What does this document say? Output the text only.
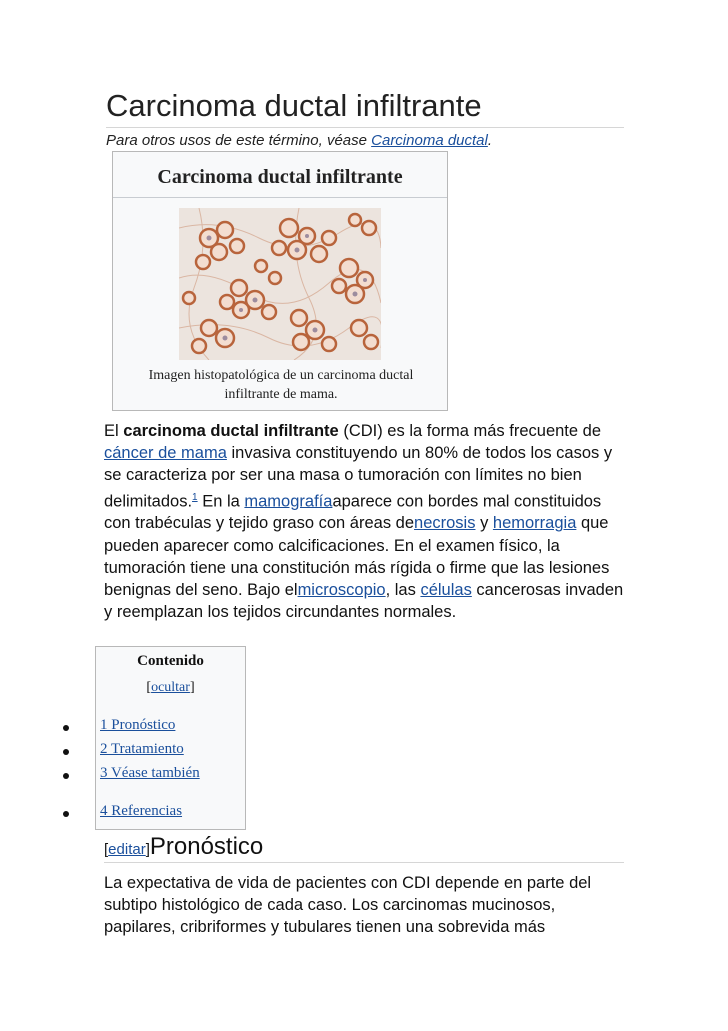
Carcinoma ductal infiltrante
Para otros usos de este término, véase Carcinoma ductal.
Carcinoma ductal infiltrante
Imagen histopatológica de un carcinoma ductal infiltrante de mama.
El carcinoma ductal infiltrante (CDI) es la forma más frecuente de cáncer de mama invasiva constituyendo un 80% de todos los casos y se caracteriza por ser una masa o tumoración con límites no bien delimitados.$^1$ En la mamografíaaparece con bordes mal constituidos con trabéculas y tejido graso con áreas denecrosis y hemorragia que pueden aparecer como calcificaciones. En el examen físico, la tumoración tiene una constitución más rígida o firme que las lesiones benignas del seno. Bajo elmicroscopio, las células cancerosas invaden y reemplazan los tejidos circundantes normales.
Contenido
[ocultar]
1 Pronóstico
2 Tratamiento
3 Véase también
4 Referencias
[editar]Pronóstico
La expectativa de vida de pacientes con CDI depende en parte del subtipo histológico de cada caso. Los carcinomas mucinosos, papilares, cribriformes y tubulares tienen una sobrevida más
